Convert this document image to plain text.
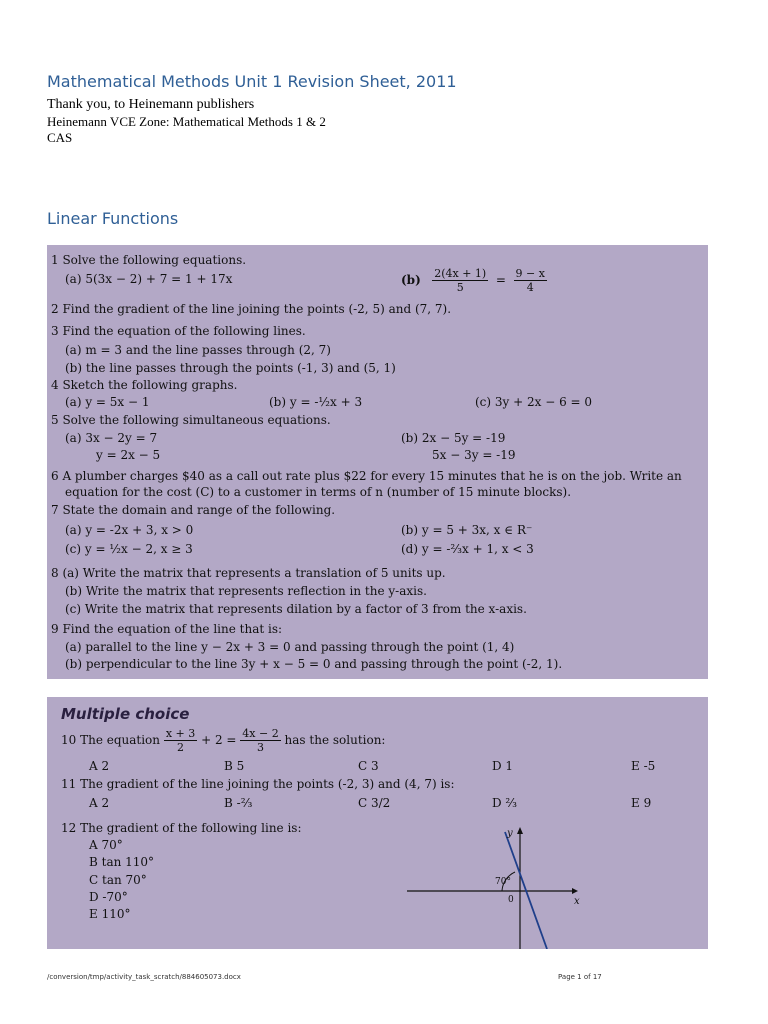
Mathematical Methods Unit 1 Revision Sheet, 2011
Thank you, to Heinemann publishers
Heinemann VCE Zone: Mathematical Methods 1 & 2
CAS
Linear Functions
1 Solve the following equations.
(a) 5(3x − 2) + 7 = 1 + 17x	$(b) \frac{2(4x + 1)}{5} = \frac{9 - x}{4}$
2 Find the gradient of the line joining the points (-2, 5) and (7, 7).
3 Find the equation of the following lines.
(a) m = 3 and the line passes through (2, 7)
(b) the line passes through the points (-1, 3) and (5, 1)
4 Sketch the following graphs.
(a) y = 5x − 1	(b) y = -½x + 3	(c) 3y + 2x − 6 = 0
5 Solve the following simultaneous equations.
(a) 3x − 2y = 7
y = 2x − 5
(b) 2x − 5y = -19
5x − 3y = -19
6 A plumber charges $40 as a call out rate plus $22 for every 15 minutes that he is on the job. Write an
equation for the cost (C) to a customer in terms of n (number of 15 minute blocks).
7 State the domain and range of the following.
(a) y = -2x + 3, x > 0	(b) y = 5 + 3x, x ∈ R⁻
(c) y = ½x − 2, x ≥ 3	(d) y = -⅔x + 1, x < 3
8 (a) Write the matrix that represents a translation of 5 units up.
(b) Write the matrix that represents reflection in the y-axis.
(c) Write the matrix that represents dilation by a factor of 3 from the x-axis.
9 Find the equation of the line that is:
(a) parallel to the line y − 2x + 3 = 0 and passing through the point (1, 4)
(b) perpendicular to the line 3y + x − 5 = 0 and passing through the point (-2, 1).
Multiple choice
10 The equation $\frac{x + 3}{2} + 2 = \frac{4x - 2}{3}$ has the solution:
A 2	B 5	C 3	D 1	E -5
11 The gradient of the line joining the points (-2, 3) and (4, 7) is:
A 2	B -⅔	C 3/2	D ⅔	E 9
12 The gradient of the following line is:
A 70°
B tan 110°
C tan 70°
D -70°
E 110°
y
x
0
70°
/conversion/tmp/activity_task_scratch/884605073.docx	Page 1 of 17
